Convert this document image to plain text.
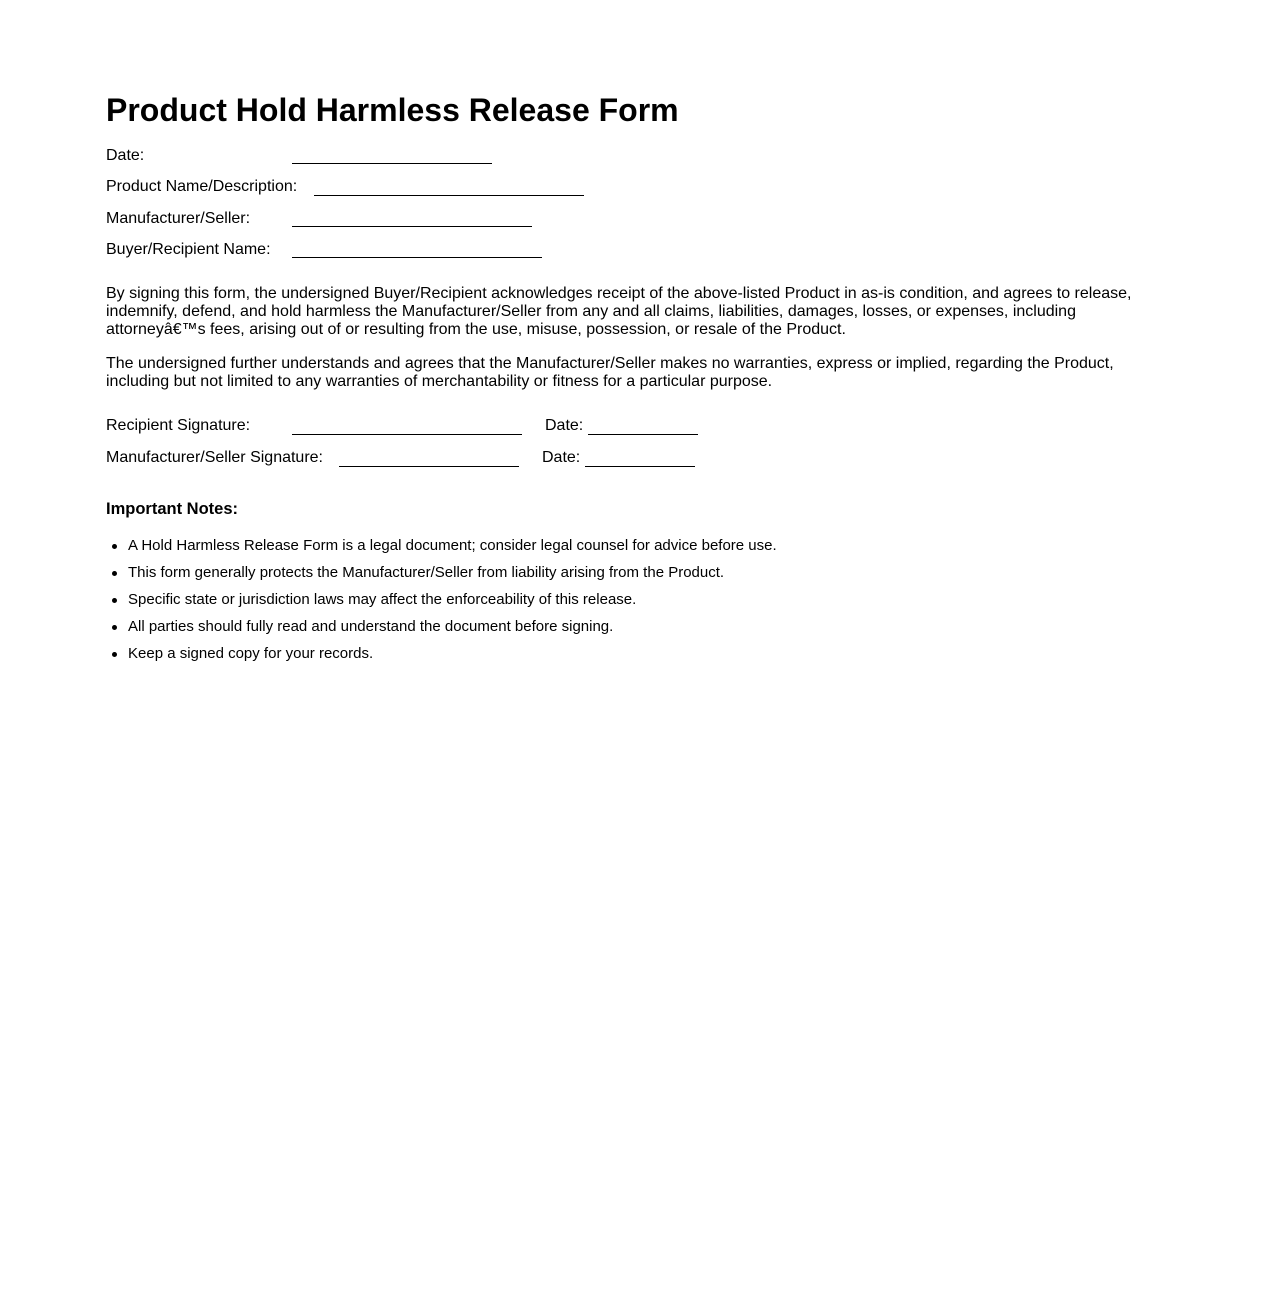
Product Hold Harmless Release Form
Date:
Product Name/Description:
Manufacturer/Seller:
Buyer/Recipient Name:

By signing this form, the undersigned Buyer/Recipient acknowledges receipt of the above-listed Product in as-is condition, and agrees to release, indemnify, defend, and hold harmless the Manufacturer/Seller from any and all claims, liabilities, damages, losses, or expenses, including attorneyâ€™s fees, arising out of or resulting from the use, misuse, possession, or resale of the Product.

The undersigned further understands and agrees that the Manufacturer/Seller makes no warranties, express or implied, regarding the Product, including but not limited to any warranties of merchantability or fitness for a particular purpose.

Recipient Signature:	Date:
Manufacturer/Seller Signature:	Date:
Important Notes:
A Hold Harmless Release Form is a legal document; consider legal counsel for advice before use.
This form generally protects the Manufacturer/Seller from liability arising from the Product.
Specific state or jurisdiction laws may affect the enforceability of this release.
All parties should fully read and understand the document before signing.
Keep a signed copy for your records.
